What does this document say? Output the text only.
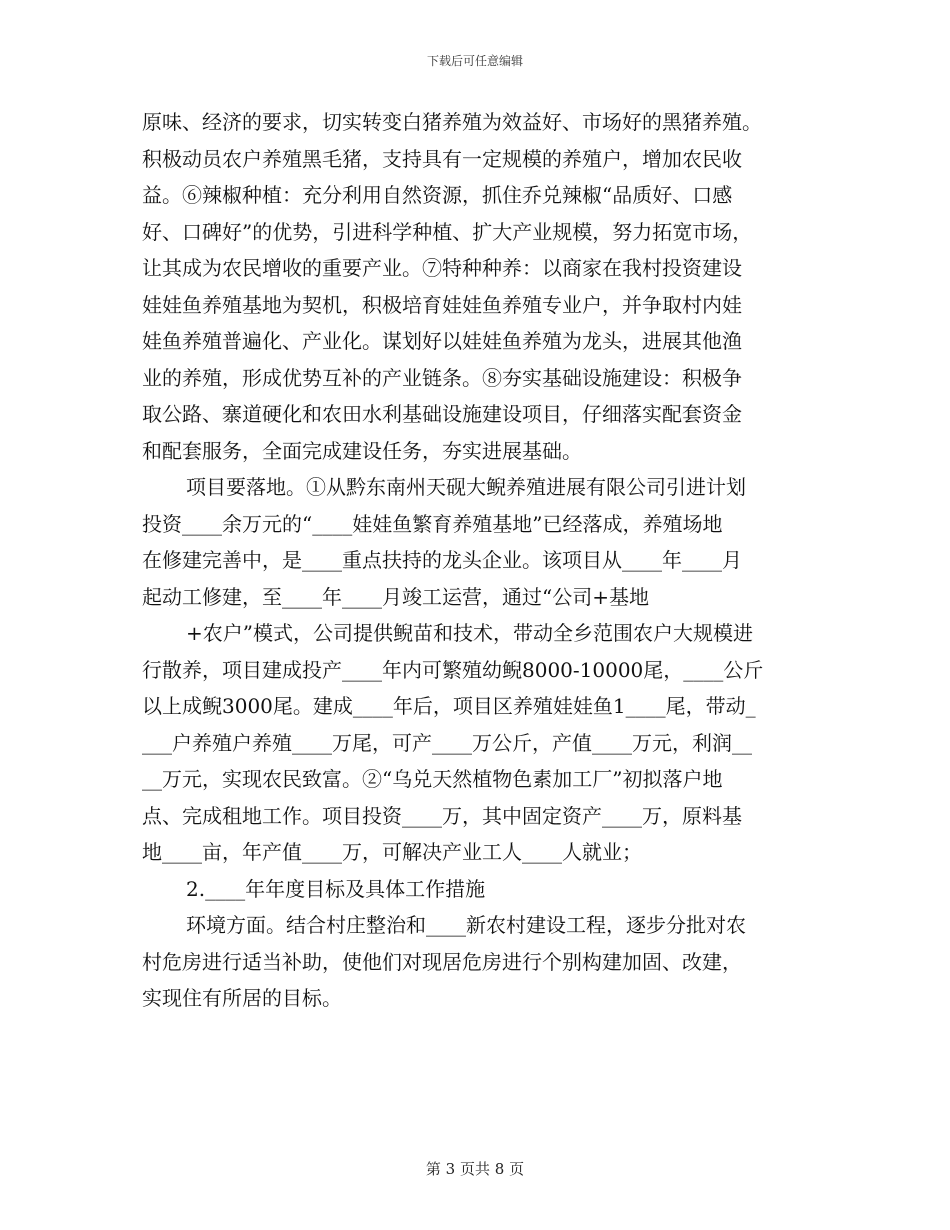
下载后可任意编辑
原味、经济的要求，切实转变白猪养殖为效益好、市场好的黑猪养殖。
积极动员农户养殖黑毛猪，支持具有一定规模的养殖户，增加农民收
益。⑥辣椒种植：充分利用自然资源，抓住乔兑辣椒“品质好、口感
好、口碑好”的优势，引进科学种植、扩大产业规模，努力拓宽市场，
让其成为农民增收的重要产业。⑦特种种养：以商家在我村投资建设
娃娃鱼养殖基地为契机，积极培育娃娃鱼养殖专业户，并争取村内娃
娃鱼养殖普遍化、产业化。谋划好以娃娃鱼养殖为龙头，进展其他渔
业的养殖，形成优势互补的产业链条。⑧夯实基础设施建设：积极争
取公路、寨道硬化和农田水利基础设施建设项目，仔细落实配套资金
和配套服务，全面完成建设任务，夯实进展基础。
项目要落地。①从黔东南州天砚大鲵养殖进展有限公司引进计划
投资____余万元的“____娃娃鱼繁育养殖基地”已经落成，养殖场地
在修建完善中，是____重点扶持的龙头企业。该项目从____年____月
起动工修建，至____年____月竣工运营，通过“公司+基地
+农户”模式，公司提供鲵苗和技术，带动全乡范围农户大规模进
行散养，项目建成投产____年内可繁殖幼鲵8000-10000尾，____公斤
以上成鲵3000尾。建成____年后，项目区养殖娃娃鱼1____尾，带动_
___户养殖户养殖____万尾，可产____万公斤，产值____万元，利润__
__万元，实现农民致富。②“乌兑天然植物色素加工厂”初拟落户地
点、完成租地工作。项目投资____万，其中固定资产____万，原料基
地____亩，年产值____万，可解决产业工人____人就业；
2.____年年度目标及具体工作措施
环境方面。结合村庄整治和____新农村建设工程，逐步分批对农
村危房进行适当补助，使他们对现居危房进行个别构建加固、改建，
实现住有所居的目标。
第 3 页共 8 页
